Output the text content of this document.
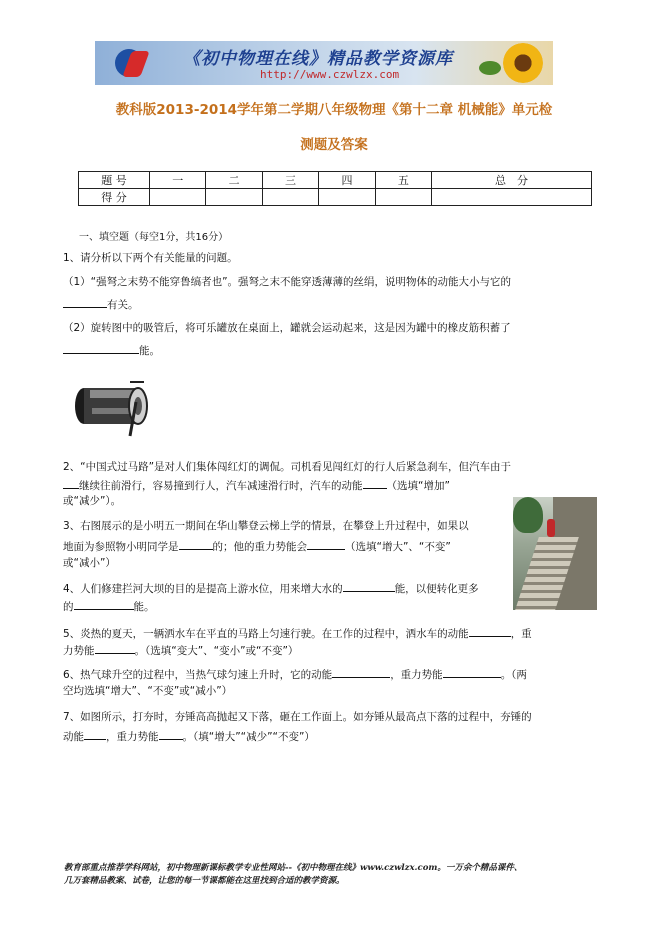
《初中物理在线》精品教学资源库
http://www.czwlzx.com
教科版2013-2014学年第二学期八年级物理《第十二章 机械能》单元检
测题及答案
题 号	一	二	三	四	五	总　分
得 分						
一、填空题（每空1分，共16分）
1、请分析以下两个有关能量的问题。
（1）“强弩之末势不能穿鲁缟者也”。强弩之末不能穿透薄薄的丝绢，说明物体的动能大小与它的
有关。
（2）旋转图中的吸管后，将可乐罐放在桌面上，罐就会运动起来，这是因为罐中的橡皮筋积蓄了
能。
2、“中国式过马路”是对人们集体闯红灯的调侃。司机看见闯红灯的行人后紧急刹车，但汽车由于
继续往前滑行，容易撞到行人，汽车减速滑行时，汽车的动能 （选填“增加”
或“减少”）。
3、右图展示的是小明五一期间在华山攀登云梯上学的情景，在攀登上升过程中，如果以
地面为参照物小明同学是	的；他的重力势能会	（选填“增大”、“不变”
或“减小”）
4、人们修建拦河大坝的目的是提高上游水位，用来增大水的	能，以便转化更多
的	能。
5、炎热的夏天，一辆洒水车在平直的马路上匀速行驶。在工作的过程中，洒水车的动能	，重
力势能	。（选填“变大”、“变小”或“不变”）
6、热气球升空的过程中，当热气球匀速上升时，它的动能	，重力势能	。（两
空均选填“增大”、“不变”或“减小”）
7、如图所示，打夯时，夯锤高高抛起又下落，砸在工作面上。如夯锤从最高点下落的过程中，夯锤的
动能 ，重力势能 。（填“增大”“减少”“不变”）
教育部重点推荐学科网站，初中物理新课标教学专业性网站--《初中物理在线》www.czwlzx.com。一万余个精品课件、
几万套精品教案、试卷，让您的每一节课都能在这里找到合适的教学资源。
